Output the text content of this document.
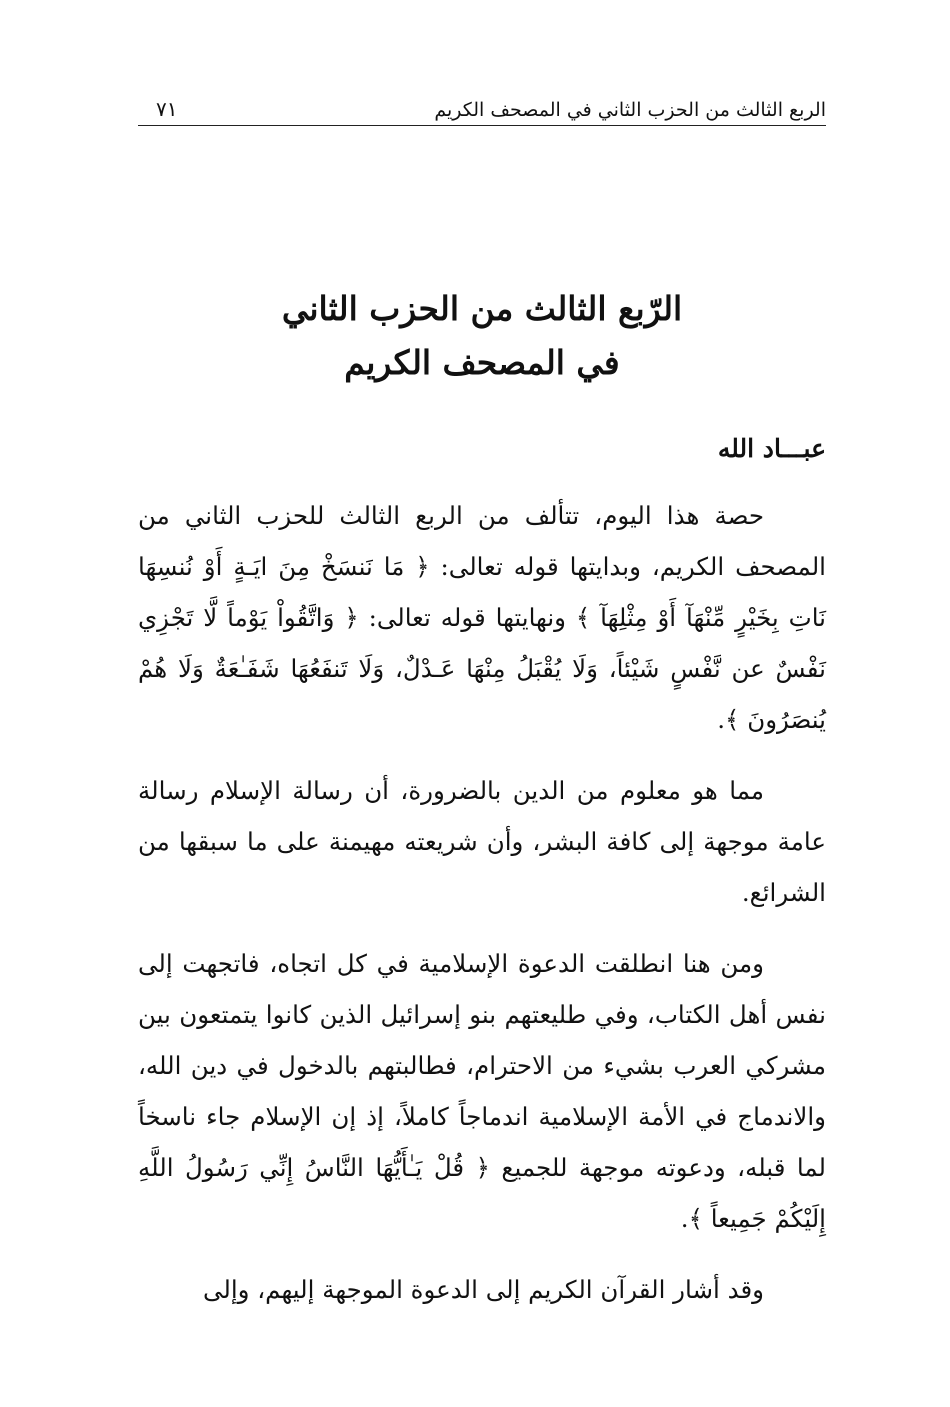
الربع الثالث من الحزب الثاني في المصحف الكريم
٧١
الرّبع الثالث من الحزب الثاني
في المصحف الكريم
عبـــاد الله

حصة هذا اليوم، تتألف من الربع الثالث للحزب الثاني من المصحف الكريم، وبدايتها قوله تعالى: ﴿ مَا نَنسَخْ مِنَ ايَـةٍ أَوْ نُنسِهَا نَاتِ بِخَيْرٍ مِّنْهَآ أَوْ مِثْلِهَآ ﴾ ونهايتها قوله تعالى: ﴿ وَاتَّقُواْ يَوْماً لَّا تَجْزِي نَفْسٌ عن نَّفْسٍ شَيْئاً، وَلَا يُقْبَلُ مِنْهَا عَـدْلٌ، وَلَا تَنفَعُهَا شَفَـٰعَةٌ وَلَا هُمْ يُنصَرُونَ ﴾.

مما هو معلوم من الدين بالضرورة، أن رسالة الإسلام رسالة عامة موجهة إلى كافة البشر، وأن شريعته مهيمنة على ما سبقها من الشرائع.

ومن هنا انطلقت الدعوة الإسلامية في كل اتجاه، فاتجهت إلى نفس أهل الكتاب، وفي طليعتهم بنو إسرائيل الذين كانوا يتمتعون بين مشركي العرب بشيء من الاحترام، فطالبتهم بالدخول في دين الله، والاندماج في الأمة الإسلامية اندماجاً كاملاً، إذ إن الإسلام جاء ناسخاً لما قبله، ودعوته موجهة للجميع ﴿ قُلْ يَـٰأَيُّهَا النَّاسُ إِنِّي رَسُولُ اللَّهِ إِلَيْكُمْ جَمِيعاً ﴾.

وقد أشار القرآن الكريم إلى الدعوة الموجهة إليهم، وإلى
